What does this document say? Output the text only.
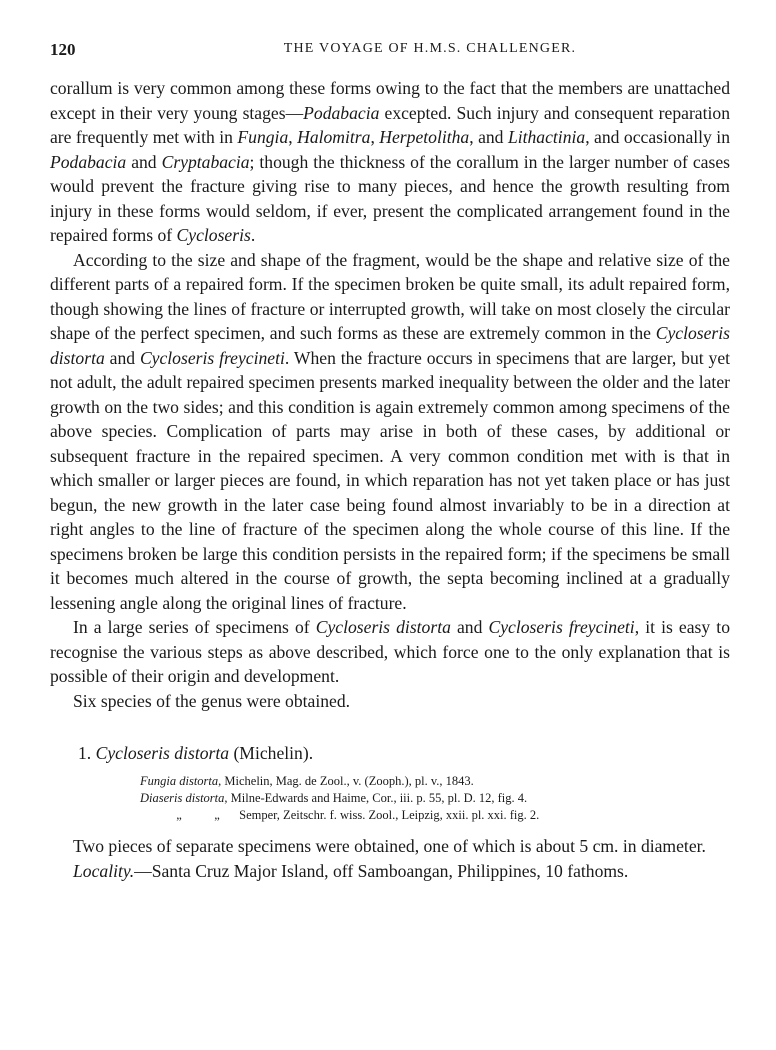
120	THE VOYAGE OF H.M.S. CHALLENGER.

corallum is very common among these forms owing to the fact that the members are unattached except in their very young stages—Podabacia excepted. Such injury and consequent reparation are frequently met with in Fungia, Halomitra, Herpetolitha, and Lithactinia, and occasionally in Podabacia and Cryptabacia; though the thickness of the corallum in the larger number of cases would prevent the fracture giving rise to many pieces, and hence the growth resulting from injury in these forms would seldom, if ever, present the complicated arrangement found in the repaired forms of Cycloseris.

According to the size and shape of the fragment, would be the shape and relative size of the different parts of a repaired form. If the specimen broken be quite small, its adult repaired form, though showing the lines of fracture or interrupted growth, will take on most closely the circular shape of the perfect specimen, and such forms as these are extremely common in the Cycloseris distorta and Cycloseris freycineti. When the fracture occurs in specimens that are larger, but yet not adult, the adult repaired specimen presents marked inequality between the older and the later growth on the two sides; and this condition is again extremely common among specimens of the above species. Complication of parts may arise in both of these cases, by additional or subsequent fracture in the repaired specimen. A very common condition met with is that in which smaller or larger pieces are found, in which reparation has not yet taken place or has just begun, the new growth in the later case being found almost invariably to be in a direction at right angles to the line of fracture of the specimen along the whole course of this line. If the specimens broken be large this condition persists in the repaired form; if the specimens be small it becomes much altered in the course of growth, the septa becoming inclined at a gradually lessening angle along the original lines of fracture.

In a large series of specimens of Cycloseris distorta and Cycloseris freycineti, it is easy to recognise the various steps as above described, which force one to the only explanation that is possible of their origin and development.

Six species of the genus were obtained.

1. Cycloseris distorta (Michelin).
Fungia distorta, Michelin, Mag. de Zool., v. (Zooph.), pl. v., 1843.
Diaseris distorta, Milne-Edwards and Haime, Cor., iii. p. 55, pl. D. 12, fig. 4.
„	„ Semper, Zeitschr. f. wiss. Zool., Leipzig, xxii. pl. xxi. fig. 2.

Two pieces of separate specimens were obtained, one of which is about 5 cm. in diameter.

Locality.—Santa Cruz Major Island, off Samboangan, Philippines, 10 fathoms.
